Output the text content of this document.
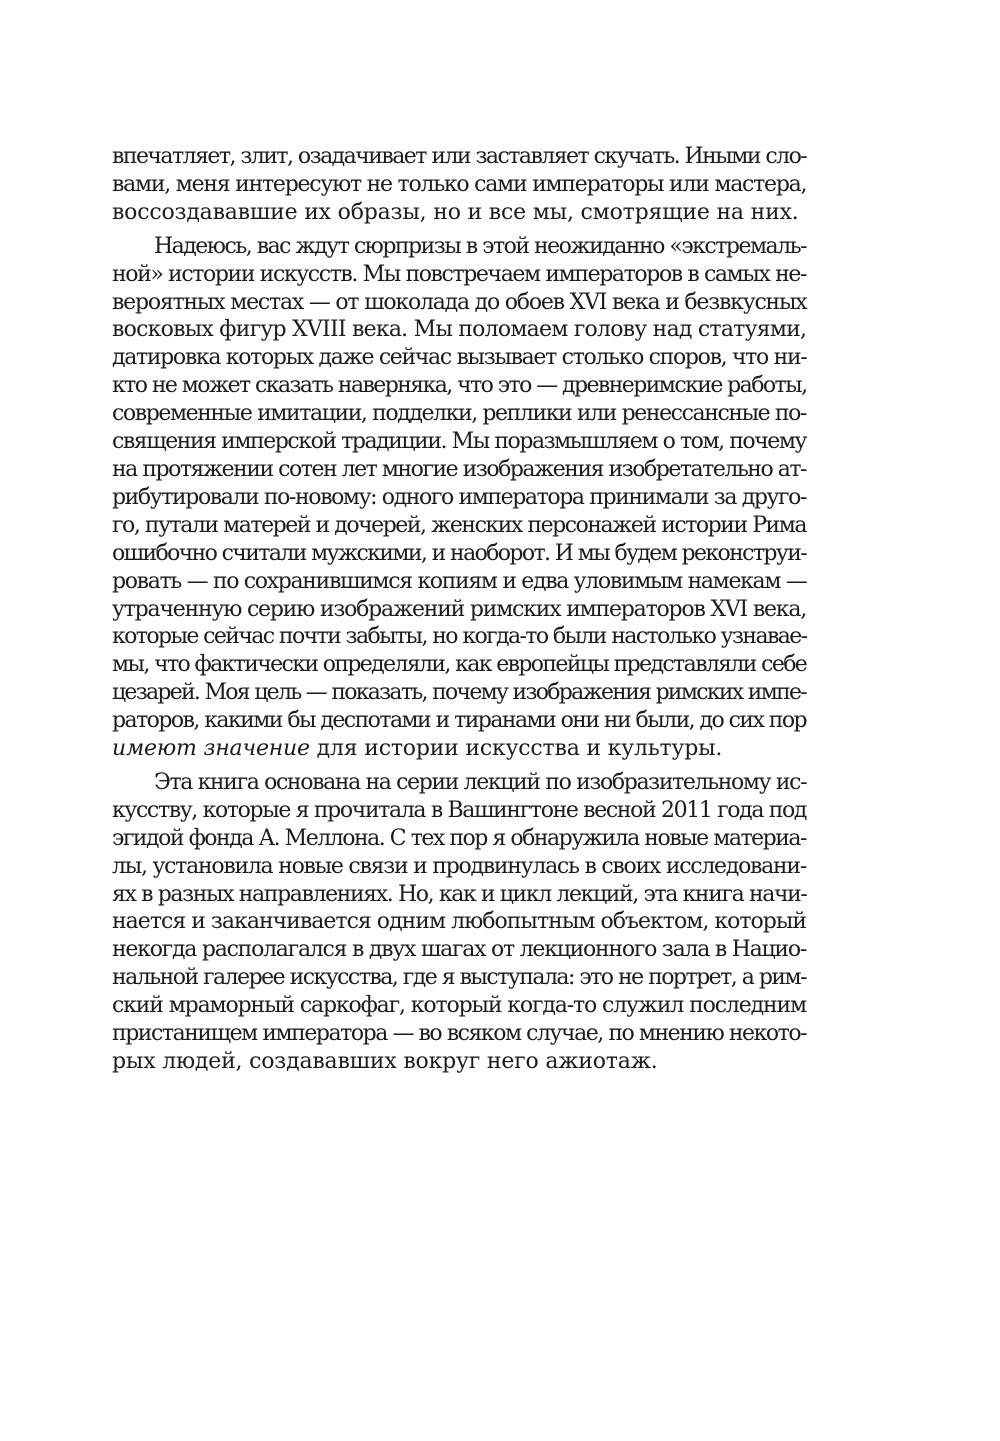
впечатляет, злит, озадачивает или заставляет скучать. Иными сло-
вами, меня интересуют не только сами императоры или мастера,
воссоздававшие их образы, но и все мы, смотрящие на них.
Надеюсь, вас ждут сюрпризы в этой неожиданно «экстремаль-
ной» истории искусств. Мы повстречаем императоров в самых не-
вероятных местах — от шоколада до обоев XVI века и безвкусных
восковых фигур XVIII века. Мы поломаем голову над статуями,
датировка которых даже сейчас вызывает столько споров, что ни-
кто не может сказать наверняка, что это — древнеримские работы,
современные имитации, подделки, реплики или ренессансные по-
священия имперской традиции. Мы поразмышляем о том, почему
на протяжении сотен лет многие изображения изобретательно ат-
рибутировали по-новому: одного императора принимали за друго-
го, путали матерей и дочерей, женских персонажей истории Рима
ошибочно считали мужскими, и наоборот. И мы будем реконструи-
ровать — по сохранившимся копиям и едва уловимым намекам —
утраченную серию изображений римских императоров XVI века,
которые сейчас почти забыты, но когда-то были настолько узнавае-
мы, что фактически определяли, как европейцы представляли себе
цезарей. Моя цель — показать, почему изображения римских импе-
раторов, какими бы деспотами и тиранами они ни были, до сих пор
имеют значение для истории искусства и культуры.
Эта книга основана на серии лекций по изобразительному ис-
кусству, которые я прочитала в Вашингтоне весной 2011 года под
эгидой фонда А. Меллона. С тех пор я обнаружила новые материа-
лы, установила новые связи и продвинулась в своих исследовани-
ях в разных направлениях. Но, как и цикл лекций, эта книга начи-
нается и заканчивается одним любопытным объектом, который
некогда располагался в двух шагах от лекционного зала в Нацио-
нальной галерее искусства, где я выступала: это не портрет, а рим-
ский мраморный саркофаг, который когда-то служил последним
пристанищем императора — во всяком случае, по мнению некото-
рых людей, создававших вокруг него ажиотаж.
